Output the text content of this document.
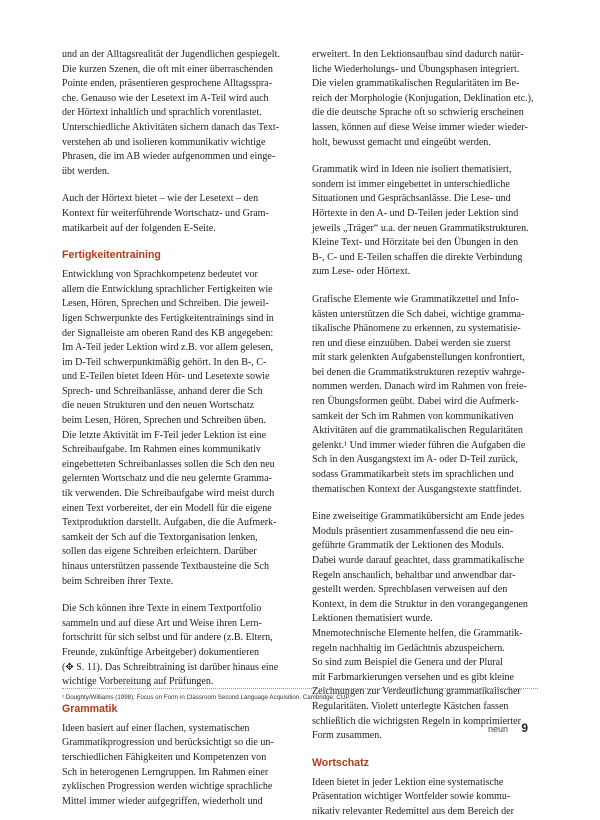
und an der Alltagsrealität der Jugendlichen gespiegelt.
Die kurzen Szenen, die oft mit einer überraschenden
Pointe enden, präsentieren gesprochene Alltagsspra-
che. Genauso wie der Lesetext im A-Teil wird auch
der Hörtext inhaltlich und sprachlich vorentlastet.
Unterschiedliche Aktivitäten sichern danach das Text-
verstehen ab und isolieren kommunikativ wichtige
Phrasen, die im AB wieder aufgenommen und einge-
übt werden.

Auch der Hörtext bietet – wie der Lesetext – den
Kontext für weiterführende Wortschatz- und Gram-
matikarbeit auf der folgenden E-Seite.

Fertigkeitentraining

Entwicklung von Sprachkompetenz bedeutet vor
allem die Entwicklung sprachlicher Fertigkeiten wie
Lesen, Hören, Sprechen und Schreiben. Die jeweil-
ligen Schwerpunkte des Fertigkeitentrainings sind in
der Signalleiste am oberen Rand des KB angegeben:
Im A-Teil jeder Lektion wird z.B. vor allem gelesen,
im D-Teil schwerpunktmäßig gehört. In den B-, C-
und E-Teilen bietet Ideen Hör- und Lesetexte sowie
Sprech- und Schreibanlässe, anhand derer die Sch
die neuen Strukturen und den neuen Wortschatz
beim Lesen, Hören, Sprechen und Schreiben üben.
Die letzte Aktivität im F-Teil jeder Lektion ist eine
Schreibaufgabe. Im Rahmen eines kommunikativ
eingebetteten Schreibanlasses sollen die Sch den neu
gelernten Wortschatz und die neu gelernte Gramma-
tik verwenden. Die Schreibaufgabe wird meist durch
einen Text vorbereitet, der ein Modell für die eigene
Textproduktion darstellt. Aufgaben, die die Aufmerk-
samkeit der Sch auf die Textorganisation lenken,
sollen das eigene Schreiben erleichtern. Darüber
hinaus unterstützen passende Textbausteine die Sch
beim Schreiben ihrer Texte.

Die Sch können ihre Texte in einem Textportfolio
sammeln und auf diese Art und Weise ihren Lern-
fortschritt für sich selbst und für andere (z.B. Eltern,
Freunde, zukünftige Arbeitgeber) dokumentieren
(✥ S. 11). Das Schreibtraining ist darüber hinaus eine
wichtige Vorbereitung auf Prüfungen.

Grammatik

Ideen basiert auf einer flachen, systematischen
Grammatikprogression und berücksichtigt so die un-
terschiedlichen Fähigkeiten und Kompetenzen von
Sch in heterogenen Lerngruppen. Im Rahmen einer
zyklischen Progression werden wichtige sprachliche
Mittel immer wieder aufgegriffen, wiederholt und

erweitert. In den Lektionsaufbau sind dadurch natür-
liche Wiederholungs- und Übungsphasen integriert.
Die vielen grammatikalischen Regularitäten im Be-
reich der Morphologie (Konjugation, Deklination etc.),
die die deutsche Sprache oft so schwierig erscheinen
lassen, können auf diese Weise immer wieder wieder-
holt, bewusst gemacht und eingeübt werden.

Grammatik wird in Ideen nie isoliert thematisiert,
sondern ist immer eingebettet in unterschiedliche
Situationen und Gesprächsanlässe. Die Lese- und
Hörtexte in den A- und D-Teilen jeder Lektion sind
jeweils „Träger“ u.a. der neuen Grammatikstrukturen.
Kleine Text- und Hörzitate bei den Übungen in den
B-, C- und E-Teilen schaffen die direkte Verbindung
zum Lese- oder Hörtext.

Grafische Elemente wie Grammatikzettel und Info-
kästen unterstützen die Sch dabei, wichtige gramma-
tikalische Phänomene zu erkennen, zu systematisie-
ren und diese einzuüben. Dabei werden sie zuerst
mit stark gelenkten Aufgabenstellungen konfrontiert,
bei denen die Grammatikstrukturen rezeptiv wahrge-
nommen werden. Danach wird im Rahmen von freie-
ren Übungsformen geübt. Dabei wird die Aufmerk-
samkeit der Sch im Rahmen von kommunikativen
Aktivitäten auf die grammatikalischen Regularitäten
gelenkt.¹ Und immer wieder führen die Aufgaben die
Sch in den Ausgangstext im A- oder D-Teil zurück,
sodass Grammatikarbeit stets im sprachlichen und
thematischen Kontext der Ausgangstexte stattfindet.

Eine zweiseitige Grammatikübersicht am Ende jedes
Moduls präsentiert zusammenfassend die neu ein-
geführte Grammatik der Lektionen des Moduls.
Dabei wurde darauf geachtet, dass grammatikalische
Regeln anschaulich, behaltbar und anwendbar dar-
gestellt werden. Sprechblasen verweisen auf den
Kontext, in dem die Struktur in den vorangegangenen
Lektionen thematisiert wurde.
Mnemotechnische Elemente helfen, die Grammatik-
regeln nachhaltig im Gedächtnis abzuspeichern.
So sind zum Beispiel die Genera und der Plural
mit Farbmarkierungen versehen und es gibt kleine
Zeichnungen zur Verdeutlichung grammatikalischer
Regularitäten. Violett unterlegte Kästchen fassen
schließlich die wichtigsten Regeln in komprimierter
Form zusammen.

Wortschatz

Ideen bietet in jeder Lektion eine systematische
Präsentation wichtiger Wortfelder sowie kommu-
nikativ relevanter Redemittel aus dem Bereich der

¹ Doughty/Williams (1998): Focus on Form in Classroom Second Language Acquisition. Cambridge: CUP.
neun 9
